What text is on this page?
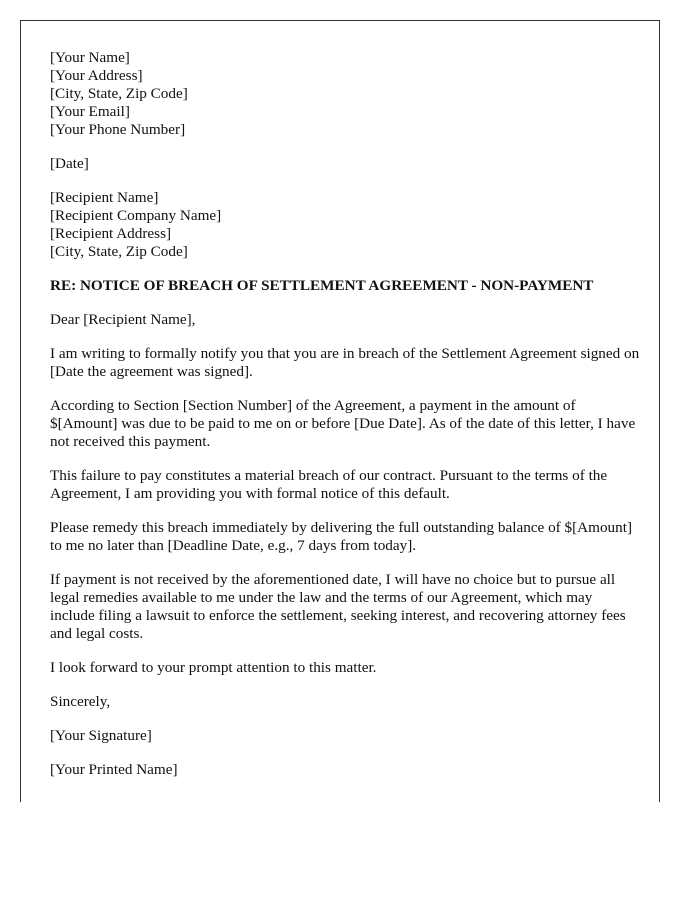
[Your Name]
[Your Address]
[City, State, Zip Code]
[Your Email]
[Your Phone Number]
[Date]
[Recipient Name]
[Recipient Company Name]
[Recipient Address]
[City, State, Zip Code]

RE: NOTICE OF BREACH OF SETTLEMENT AGREEMENT - NON-PAYMENT

Dear [Recipient Name],

I am writing to formally notify you that you are in breach of the Settlement Agreement signed on [Date the agreement was signed].

According to Section [Section Number] of the Agreement, a payment in the amount of $[Amount] was due to be paid to me on or before [Due Date]. As of the date of this letter, I have not received this payment.

This failure to pay constitutes a material breach of our contract. Pursuant to the terms of the Agreement, I am providing you with formal notice of this default.

Please remedy this breach immediately by delivering the full outstanding balance of $[Amount] to me no later than [Deadline Date, e.g., 7 days from today].

If payment is not received by the aforementioned date, I will have no choice but to pursue all legal remedies available to me under the law and the terms of our Agreement, which may include filing a lawsuit to enforce the settlement, seeking interest, and recovering attorney fees and legal costs.

I look forward to your prompt attention to this matter.

Sincerely,

[Your Signature]

[Your Printed Name]
